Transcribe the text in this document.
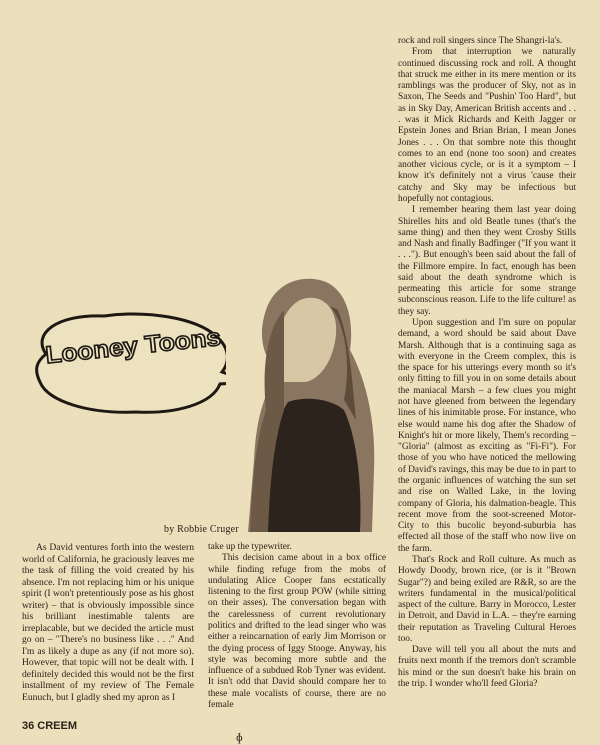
Looney Toons
by Robbie Cruger

As David ventures forth into the western world of California, he graciously leaves me the task of filling the void created by his absence. I'm not replacing him or his unique spirit (I won't pretentiously pose as his ghost writer) – that is obviously impossible since his brilliant inestimable talents are irreplacable, but we decided the article must go on – "There's no business like . . ." And I'm as likely a dupe as any (if not more so). However, that topic will not be dealt with. I definitely decided this would not be the first installment of my review of The Female Eunuch, but I gladly shed my apron as I

take up the typewriter.

This decision came about in a box office while finding refuge from the mobs of undulating Alice Cooper fans ecstatically listening to the first group POW (while sitting on their asses). The conversation began with the carelessness of current revolutionary politics and drifted to the lead singer who was either a reincarnation of early Jim Morrison or the dying process of Iggy Stooge. Anyway, his style was becoming more subtle and the influence of a subdued Rob Tyner was evident. It isn't odd that David should compare her to these male vocalists of course, there are no female

rock and roll singers since The Shangri-la's.

From that interruption we naturally continued discussing rock and roll. A thought that struck me either in its mere mention or its ramblings was the producer of Sky, not as in Saxon, The Seeds and "Pushin' Too Hard", but as in Sky Day, American British accents and . . . was it Mick Richards and Keith Jagger or Epstein Jones and Brian Brian, I mean Jones Jones . . . On that sombre note this thought comes to an end (none too soon) and creates another vicious cycle, or is it a symptom – I know it's definitely not a virus 'cause their catchy and Sky may be infectious but hopefully not contagious.

I remember hearing them last year doing Shirelles hits and old Beatle tunes (that's the same thing) and then they went Crosby Stills and Nash and finally Badfinger ("If you want it . . ."). But enough's been said about the fall of the Fillmore empire. In fact, enough has been said about the death syndrome which is permeating this article for some strange subconscious reason. Life to the life culture! as they say.

Upon suggestion and I'm sure on popular demand, a word should be said about Dave Marsh. Although that is a continuing saga as with everyone in the Creem complex, this is the space for his utterings every month so it's only fitting to fill you in on some details about the maniacal Marsh – a few clues you might not have gleened from between the legendary lines of his inimitable prose. For instance, who else would name his dog after the Shadow of Knight's hit or more likely, Them's recording – "Gloria" (almost as exciting as "Fi-Fi"). For those of you who have noticed the mellowing of David's ravings, this may be due to in part to the organic influences of watching the sun set and rise on Walled Lake, in the loving company of Gloria, his dalmation-beagle. This recent move from the soot-screened Motor-City to this bucolic beyond-suburbia has effected all those of the staff who now live on the farm.

That's Rock and Roll culture. As much as Howdy Doody, brown rice, (or is it "Brown Sugar"?) and being exiled are R&R, so are the writers fundamental in the musical/political aspect of the culture. Barry in Morocco, Lester in Detroit, and David in L.A. – they're earning their reputation as Traveling Cultural Heroes too.

Dave will tell you all about the nuts and fruits next month if the tremors don't scramble his mind or the sun doesn't bake his brain on the trip. I wonder who'll feed Gloria?

36 CREEM
ɸ
